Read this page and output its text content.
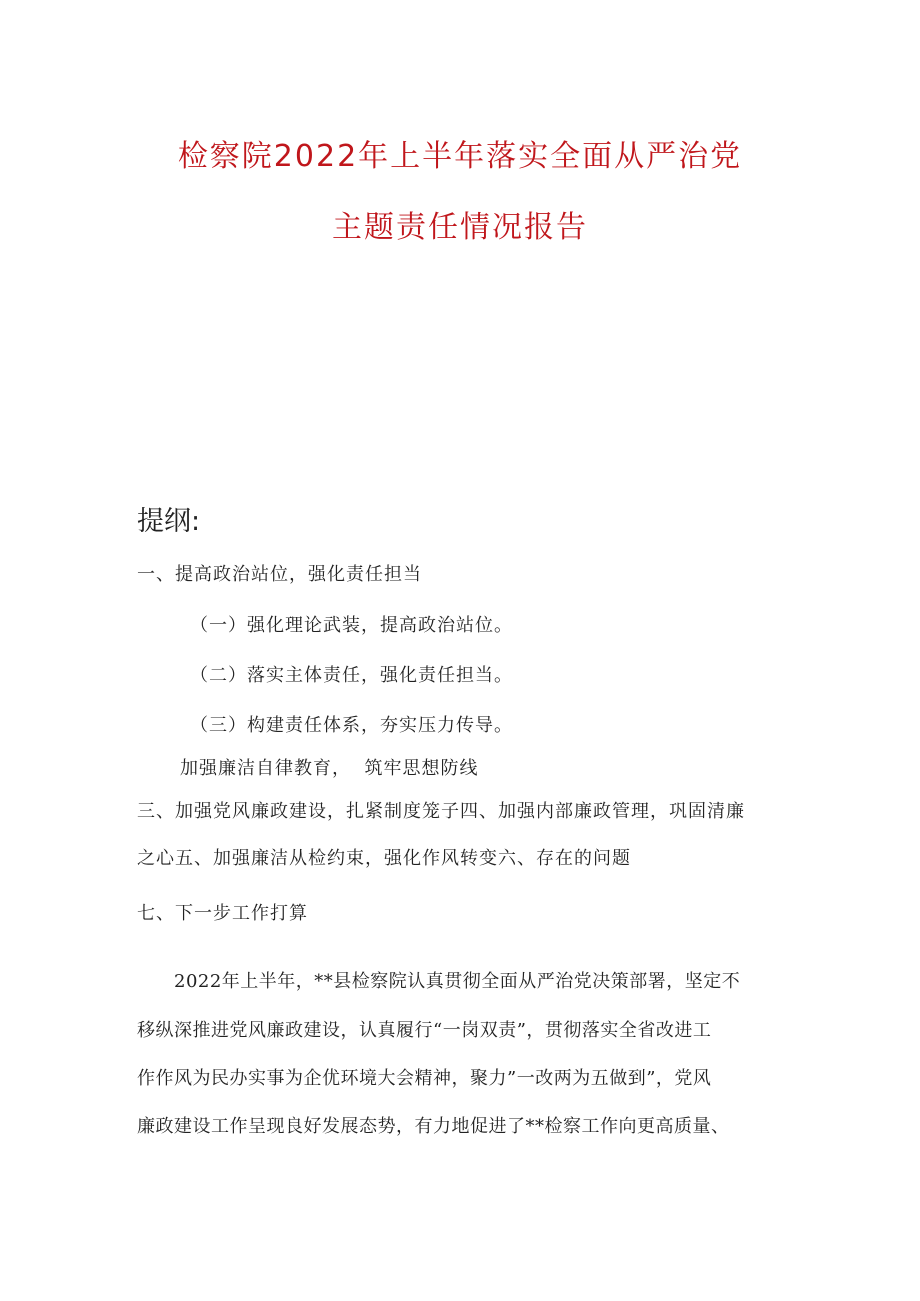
检察院2022年上半年落实全面从严治党
主题责任情况报告
提纲:
一、提高政治站位，强化责任担当
（一）强化理论武装，提高政治站位。
（二）落实主体责任，强化责任担当。
（三）构建责任体系，夯实压力传导。
加强廉洁自律教育，  筑牢思想防线
三、加强党风廉政建设，扎紧制度笼子四、加强内部廉政管理，巩固清廉
之心五、加强廉洁从检约束，强化作风转变六、存在的问题
七、下一步工作打算
2022年上半年，**县检察院认真贯彻全面从严治党决策部署，坚定不
移纵深推进党风廉政建设，认真履行“一岗双责”，贯彻落实全省改进工
作作风为民办实事为企优环境大会精神，聚力”一改两为五做到”，党风
廉政建设工作呈现良好发展态势，有力地促进了**检察工作向更高质量、
